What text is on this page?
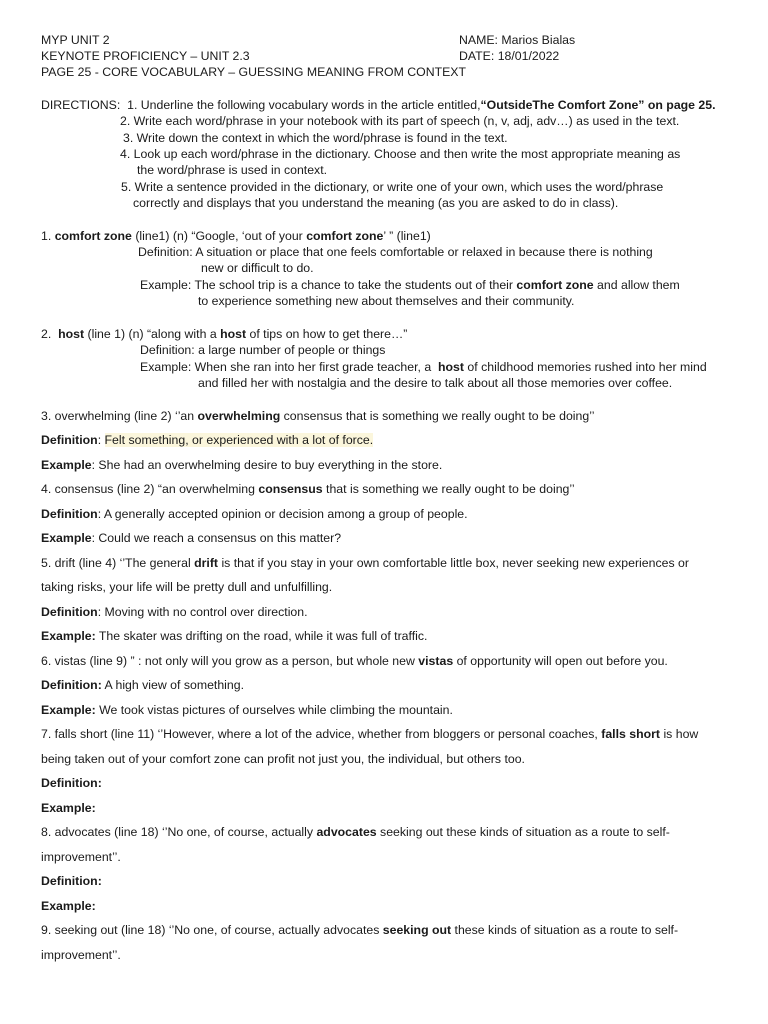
MYP UNIT 2
KEYNOTE PROFICIENCY – UNIT 2.3
PAGE 25 - CORE VOCABULARY – GUESSING MEANING FROM CONTEXT
NAME: Marios Bialas
DATE: 18/01/2022
DIRECTIONS: 1. Underline the following vocabulary words in the article entitled,“OutsideThe Comfort Zone” on page 25.
2. Write each word/phrase in your notebook with its part of speech (n, v, adj, adv…) as used in the text.
3. Write down the context in which the word/phrase is found in the text.
4. Look up each word/phrase in the dictionary. Choose and then write the most appropriate meaning as
the word/phrase is used in context.
5. Write a sentence provided in the dictionary, or write one of your own, which uses the word/phrase
correctly and displays that you understand the meaning (as you are asked to do in class).
1. comfort zone (line1) (n) “Google, ‘out of your comfort zone’ ” (line1)
Definition: A situation or place that one feels comfortable or relaxed in because there is nothing
new or difficult to do.
Example: The school trip is a chance to take the students out of their comfort zone and allow them
to experience something new about themselves and their community.
2. host (line 1) (n) “along with a host of tips on how to get there…”
Definition: a large number of people or things
Example: When she ran into her first grade teacher, a host of childhood memories rushed into her mind
and filled her with nostalgia and the desire to talk about all those memories over coffee.
3. overwhelming (line 2) ‘’an overwhelming consensus that is something we really ought to be doing’’
Definition: Felt something, or experienced with a lot of force.
Example: She had an overwhelming desire to buy everything in the store.
4. consensus (line 2) “an overwhelming consensus that is something we really ought to be doing’’
Definition: A generally accepted opinion or decision among a group of people.
Example: Could we reach a consensus on this matter?
5. drift (line 4) ‘’The general drift is that if you stay in your own comfortable little box, never seeking new experiences or
taking risks, your life will be pretty dull and unfulfilling.
Definition: Moving with no control over direction.
Example: The skater was drifting on the road, while it was full of traffic.
6. vistas (line 9) ” : not only will you grow as a person, but whole new vistas of opportunity will open out before you.
Definition: A high view of something.
Example: We took vistas pictures of ourselves while climbing the mountain.
7. falls short (line 11) ‘’However, where a lot of the advice, whether from bloggers or personal coaches, falls short is how
being taken out of your comfort zone can profit not just you, the individual, but others too.
Definition:
Example:
8. advocates (line 18) ‘’No one, of course, actually advocates seeking out these kinds of situation as a route to self-
improvement’’.
Definition:
Example:
9. seeking out (line 18) ‘’No one, of course, actually advocates seeking out these kinds of situation as a route to self-
improvement’’.
